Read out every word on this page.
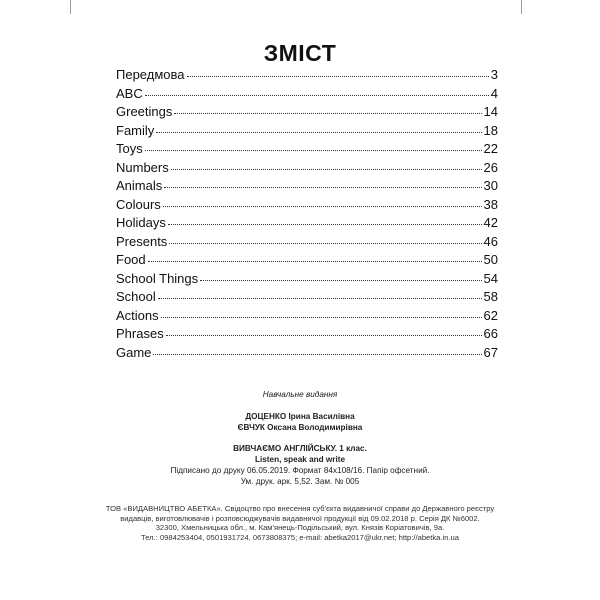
ЗМІСТ
Передмова	3
ABC	4
Greetings	14
Family	18
Toys	22
Numbers	26
Animals	30
Colours	38
Holidays	42
Presents	46
Food	50
School Things	54
School	58
Actions	62
Phrases	66
Game	67

Навчальне видання

ДОЦЕНКО Ірина Василівна

ЄВЧУК Оксана Володимирівна

ВИВЧАЄМО АНГЛІЙСЬКУ. 1 клас.

Listen, speak and write

Підписано до друку 06.05.2019. Формат 84х108/16. Папір офсетний.

Ум. друк. арк. 5,52. Зам. № 005

ТОВ «ВИДАВНИЦТВО АБЕТКА». Свідоцтво про внесення суб'єкта видавничої справи до Державного реєстру

видавців, виготовлювачів і розповсюджувачів видавничої продукції від 09.02.2018 р. Серія ДК №6002.

32300, Хмельницька обл., м. Кам'янець-Подільський, вул. Князів Коріатовичів, 9а.

Тел.: 0984253404, 0501931724, 0673808375; e-mail: abetka2017@ukr.net; http://abetka.in.ua
